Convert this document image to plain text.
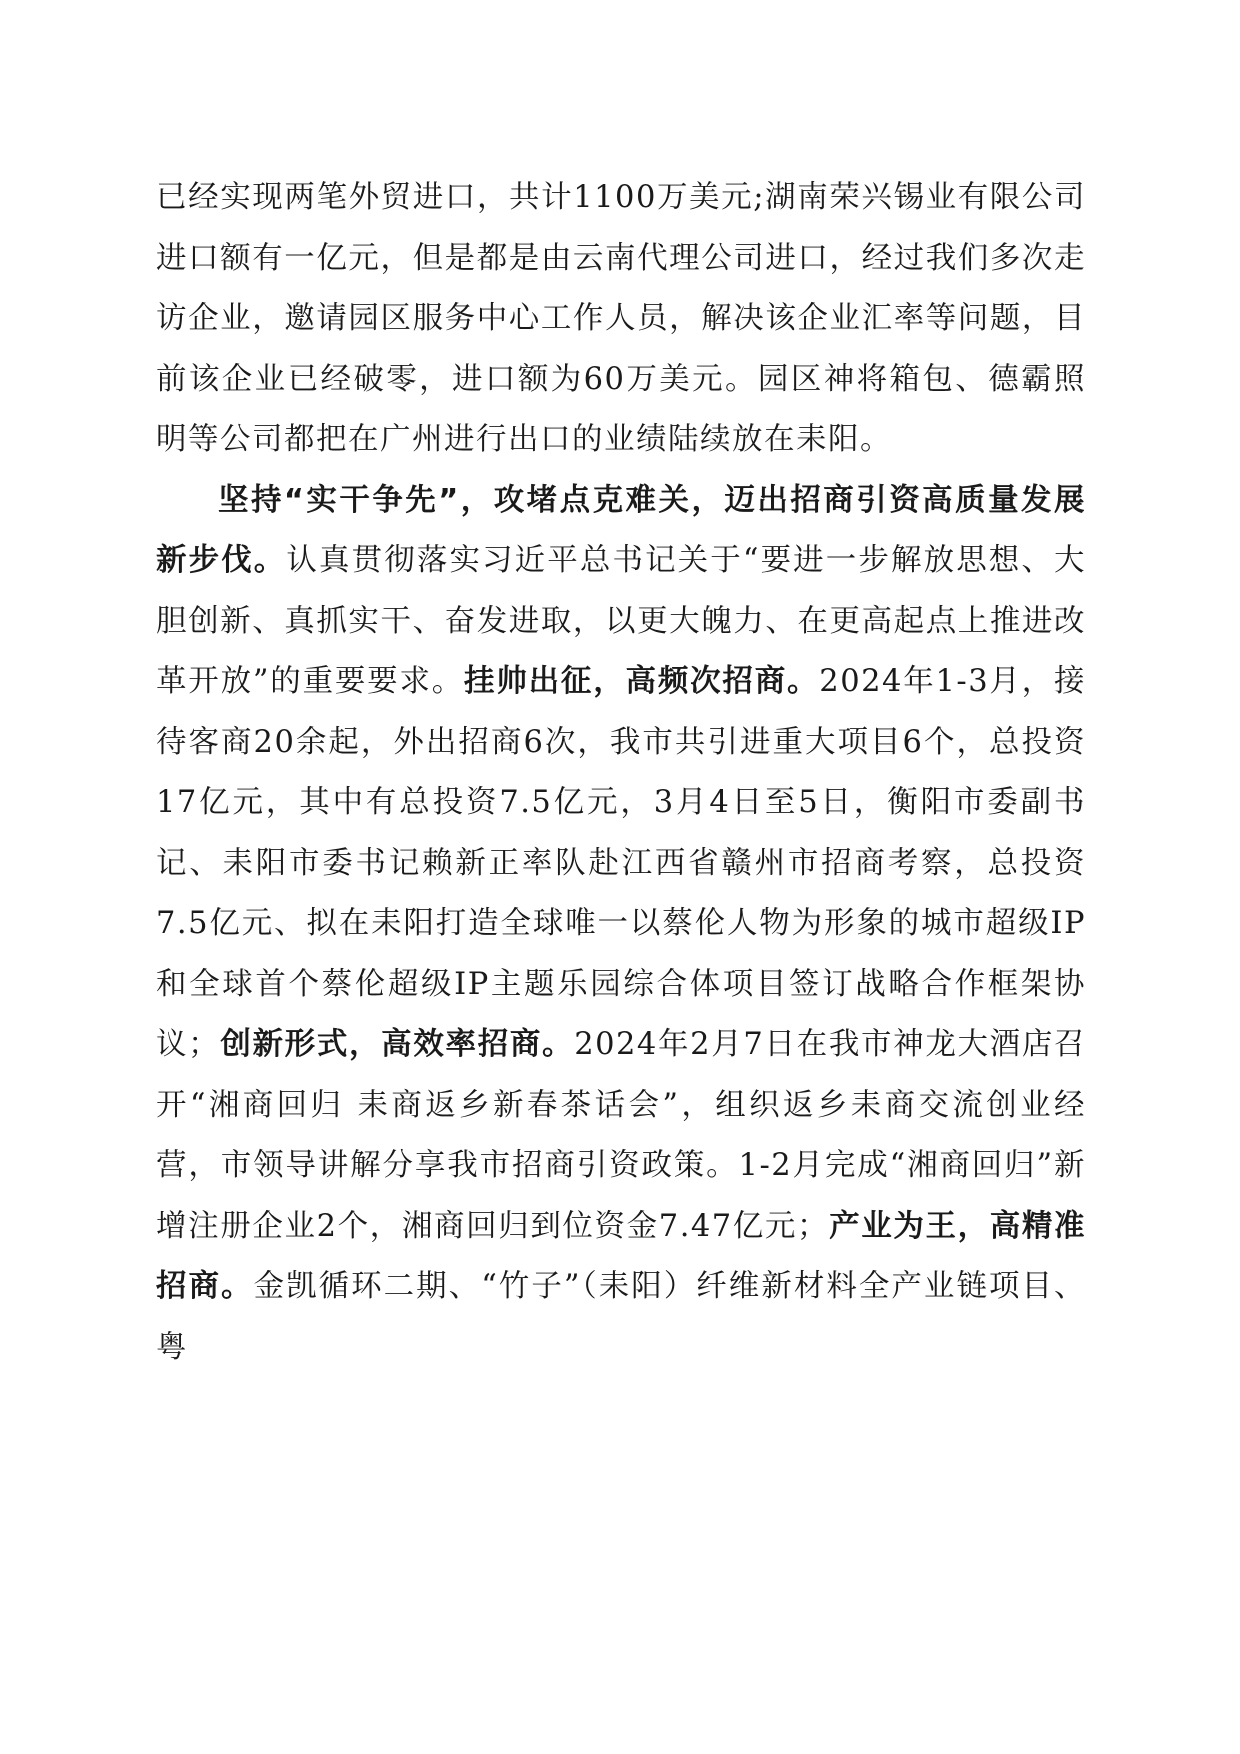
已经实现两笔外贸进口，共计1100万美元;湖南荣兴锡业有限公司进口额有一亿元，但是都是由云南代理公司进口，经过我们多次走访企业，邀请园区服务中心工作人员，解决该企业汇率等问题，目前该企业已经破零，进口额为60万美元。园区神将箱包、德霸照明等公司都把在广州进行出口的业绩陆续放在耒阳。

坚持“实干争先”，攻堵点克难关，迈出招商引资高质量发展新步伐。认真贯彻落实习近平总书记关于“要进一步解放思想、大胆创新、真抓实干、奋发进取，以更大魄力、在更高起点上推进改革开放”的重要要求。挂帅出征，高频次招商。2024年1-3月，接待客商20余起，外出招商6次，我市共引进重大项目6个，总投资17亿元，其中有总投资7.5亿元，3月4日至5日，衡阳市委副书记、耒阳市委书记赖新正率队赴江西省赣州市招商考察，总投资7.5亿元、拟在耒阳打造全球唯一以蔡伦人物为形象的城市超级IP和全球首个蔡伦超级IP主题乐园综合体项目签订战略合作框架协议；创新形式，高效率招商。2024年2月7日在我市神龙大酒店召开“湘商回归 耒商返乡新春茶话会”，组织返乡耒商交流创业经营，市领导讲解分享我市招商引资政策。1-2月完成“湘商回归”新增注册企业2个，湘商回归到位资金7.47亿元；产业为王，高精准招商。金凯循环二期、“竹子”（耒阳）纤维新材料全产业链项目、粤
